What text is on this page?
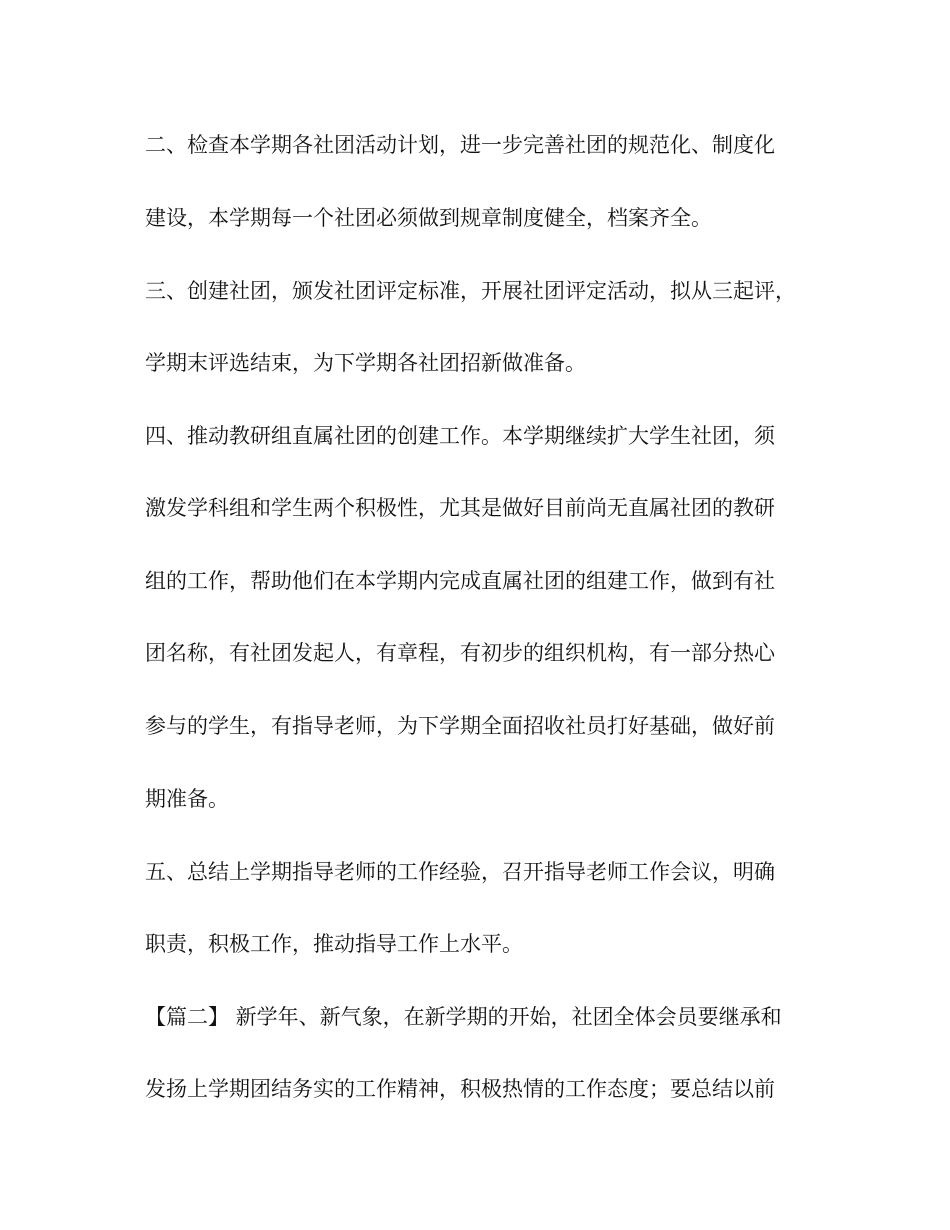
二、检查本学期各社团活动计划，进一步完善社团的规范化、制度化
建设，本学期每一个社团必须做到规章制度健全，档案齐全。
三、创建社团，颁发社团评定标准，开展社团评定活动，拟从三起评，
学期末评选结束，为下学期各社团招新做准备。
四、推动教研组直属社团的创建工作。本学期继续扩大学生社团，须
激发学科组和学生两个积极性，尤其是做好目前尚无直属社团的教研
组的工作，帮助他们在本学期内完成直属社团的组建工作，做到有社
团名称，有社团发起人，有章程，有初步的组织机构，有一部分热心
参与的学生，有指导老师，为下学期全面招收社员打好基础，做好前
期准备。
五、总结上学期指导老师的工作经验，召开指导老师工作会议，明确
职责，积极工作，推动指导工作上水平。
【篇二】 新学年、新气象，在新学期的开始，社团全体会员要继承和
发扬上学期团结务实的工作精神，积极热情的工作态度；要总结以前
